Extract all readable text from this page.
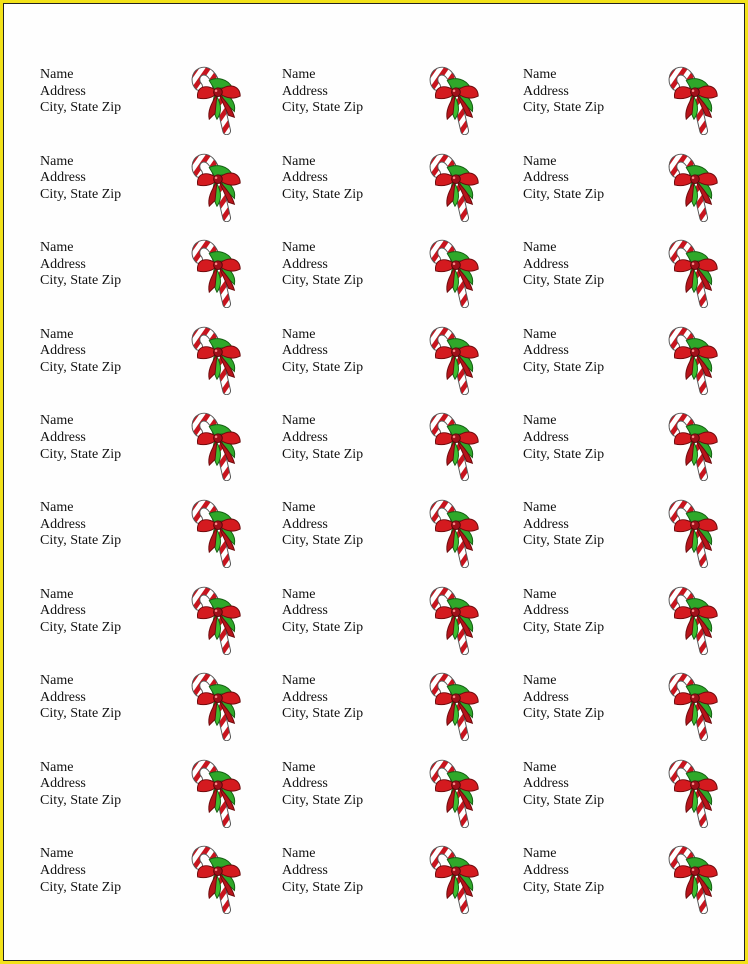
Name
Address
City, State Zip
Name
Address
City, State Zip
Name
Address
City, State Zip
Name
Address
City, State Zip
Name
Address
City, State Zip
Name
Address
City, State Zip
Name
Address
City, State Zip
Name
Address
City, State Zip
Name
Address
City, State Zip
Name
Address
City, State Zip
Name
Address
City, State Zip
Name
Address
City, State Zip
Name
Address
City, State Zip
Name
Address
City, State Zip
Name
Address
City, State Zip
Name
Address
City, State Zip
Name
Address
City, State Zip
Name
Address
City, State Zip
Name
Address
City, State Zip
Name
Address
City, State Zip
Name
Address
City, State Zip
Name
Address
City, State Zip
Name
Address
City, State Zip
Name
Address
City, State Zip
Name
Address
City, State Zip
Name
Address
City, State Zip
Name
Address
City, State Zip
Name
Address
City, State Zip
Name
Address
City, State Zip
Name
Address
City, State Zip
